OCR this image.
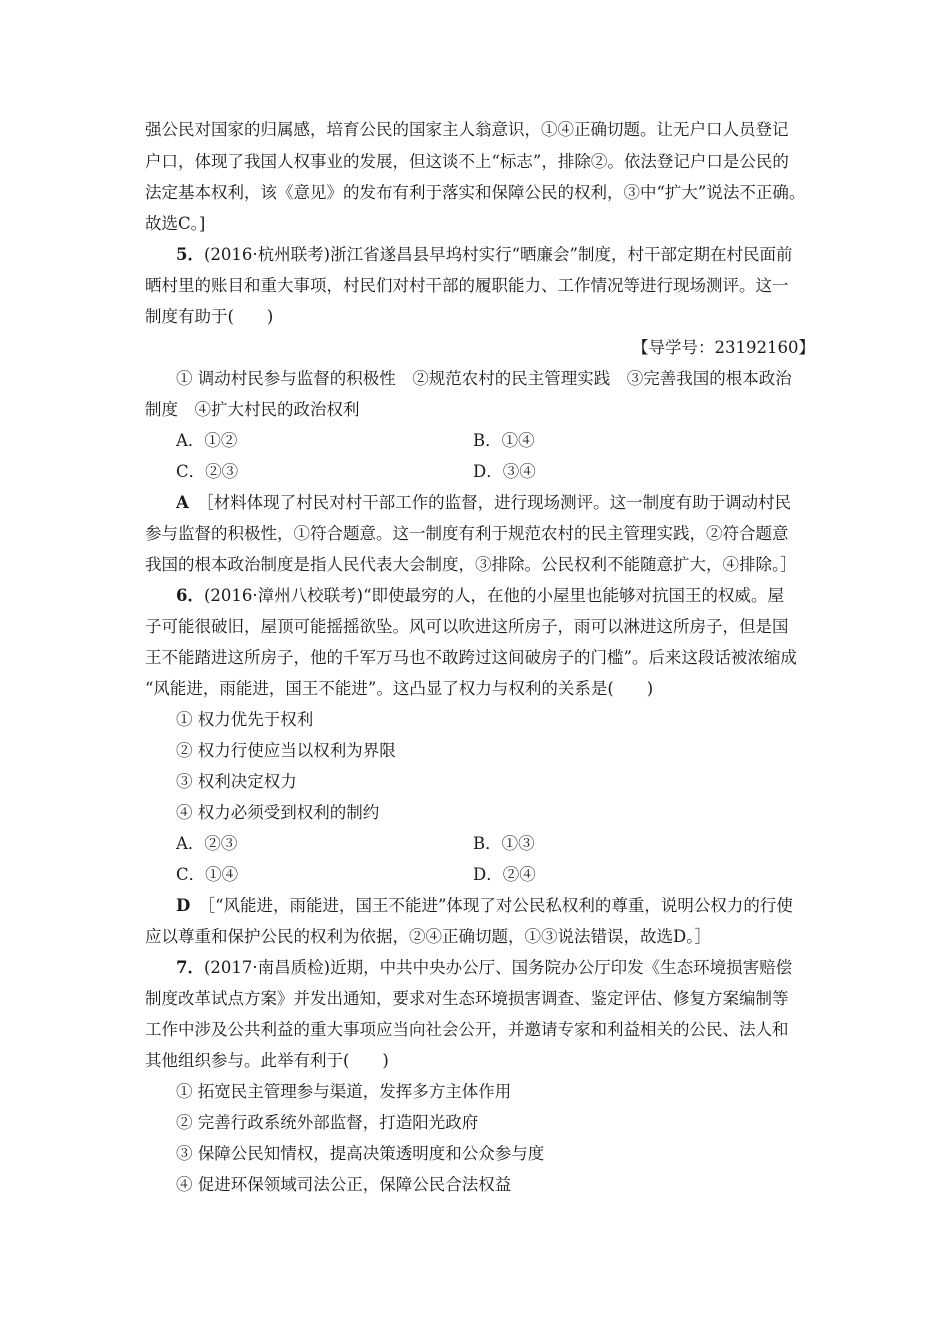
强公民对国家的归属感，培育公民的国家主人翁意识，①④正确切题。让无户口人员登记
户口，体现了我国人权事业的发展，但这谈不上“标志”，排除②。依法登记户口是公民的
法定基本权利，该《意见》的发布有利于落实和保障公民的权利，③中“扩大”说法不正确。
故选C。]
5．(2016·杭州联考)浙江省遂昌县早坞村实行“晒廉会”制度，村干部定期在村民面前
晒村里的账目和重大事项，村民们对村干部的履职能力、工作情况等进行现场测评。这一
制度有助于(　　)
【导学号：23192160】
① 调动村民参与监督的积极性　②规范农村的民主管理实践　③完善我国的根本政治
制度　④扩大村民的政治权利
A．①②	B．①④
C．②③	D．③④
A  ［材料体现了村民对村干部工作的监督，进行现场测评。这一制度有助于调动村民
参与监督的积极性，①符合题意。这一制度有利于规范农村的民主管理实践，②符合题意
我国的根本政治制度是指人民代表大会制度，③排除。公民权利不能随意扩大，④排除。］
6．(2016·漳州八校联考)“即使最穷的人，在他的小屋里也能够对抗国王的权威。屋
子可能很破旧，屋顶可能摇摇欲坠。风可以吹进这所房子，雨可以淋进这所房子，但是国
王不能踏进这所房子，他的千军万马也不敢跨过这间破房子的门槛”。后来这段话被浓缩成
“风能进，雨能进，国王不能进”。这凸显了权力与权利的关系是(　　)
① 权力优先于权利
② 权力行使应当以权利为界限
③ 权利决定权力
④ 权力必须受到权利的制约
A．②③	B．①③
C．①④	D．②④
D  ［“风能进，雨能进，国王不能进”体现了对公民私权利的尊重，说明公权力的行使
应以尊重和保护公民的权利为依据，②④正确切题，①③说法错误，故选D。］
7．(2017·南昌质检)近期，中共中央办公厅、国务院办公厅印发《生态环境损害赔偿
制度改革试点方案》并发出通知，要求对生态环境损害调查、鉴定评估、修复方案编制等
工作中涉及公共利益的重大事项应当向社会公开，并邀请专家和利益相关的公民、法人和
其他组织参与。此举有利于(　　)
① 拓宽民主管理参与渠道，发挥多方主体作用
② 完善行政系统外部监督，打造阳光政府
③ 保障公民知情权，提高决策透明度和公众参与度
④ 促进环保领域司法公正，保障公民合法权益
